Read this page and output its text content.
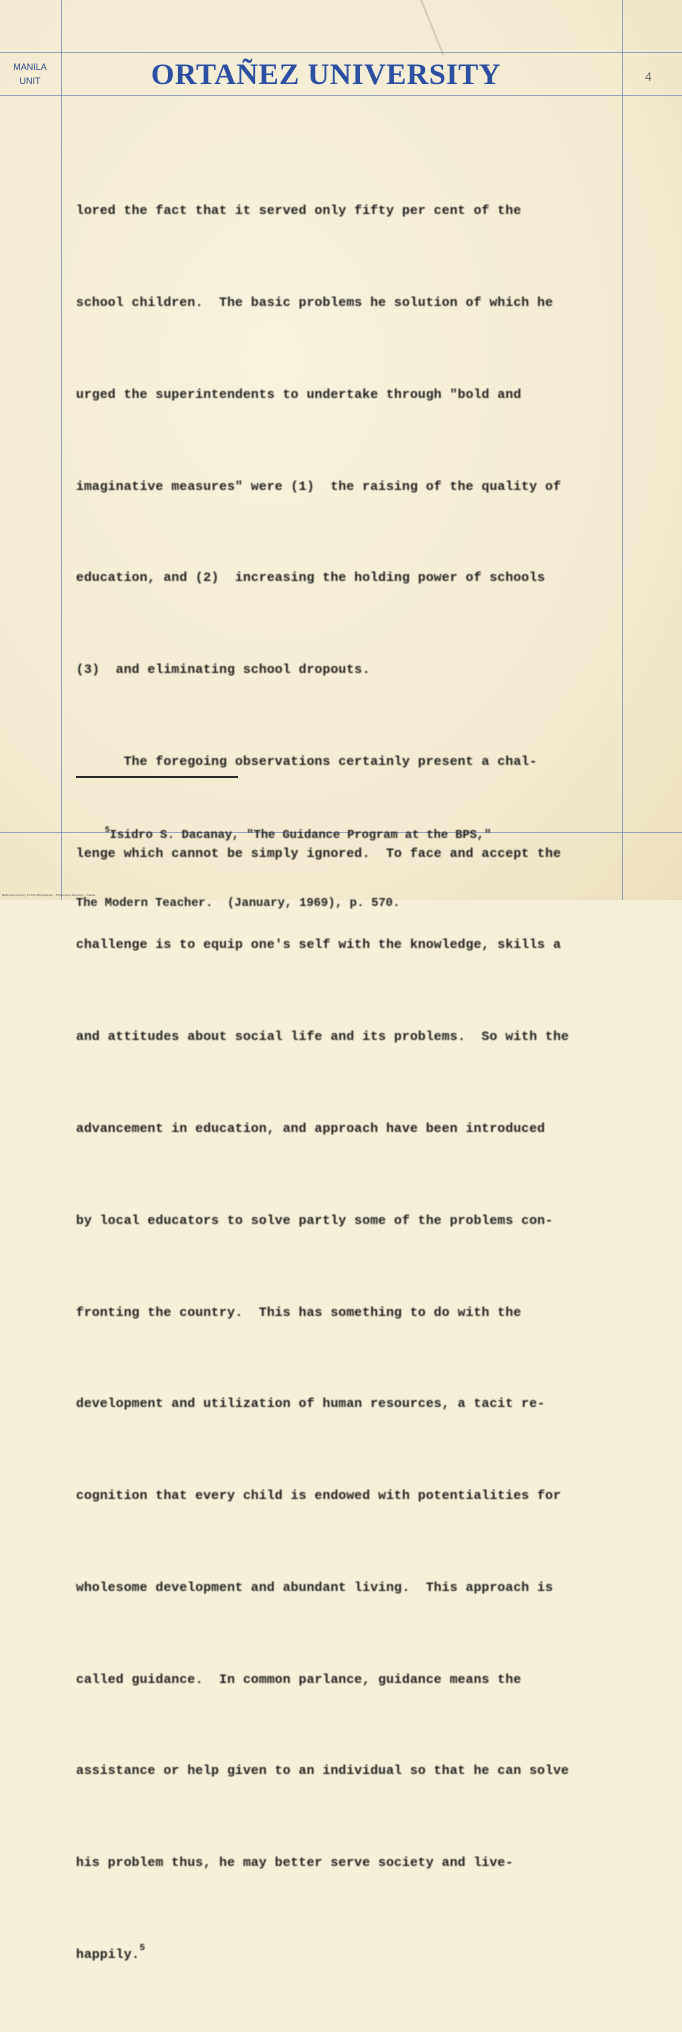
MANILA
UNIT	ORTAÑEZ UNIVERSITY	4

lored the fact that it served only fifty per cent of the

school children.  The basic problems he solution of which he

urged the superintendents to undertake through "bold and

imaginative measures" were (1)  the raising of the quality of

education, and (2)  increasing the holding power of schools

(3)  and eliminating school dropouts.

The foregoing observations certainly present a chal-

lenge which cannot be simply ignored.  To face and accept the

challenge is to equip one's self with the knowledge, skills a

and attitudes about social life and its problems.  So with the

advancement in education, and approach have been introduced

by local educators to solve partly some of the problems con-

fronting the country.  This has something to do with the

development and utilization of human resources, a tacit re-

cognition that every child is endowed with potentialities for

wholesome development and abundant living.  This approach is

called guidance.  In common parlance, guidance means the

assistance or help given to an individual so that he can solve

his problem thus, he may better serve society and live-

happily.$^5$

$^5$Isidro S. Dacanay, "The Guidance Program at the BPS,"

The Modern Teacher.  (January, 1969), p. 570.

National Library of the Philippines · Filipiniana Division · thesis
